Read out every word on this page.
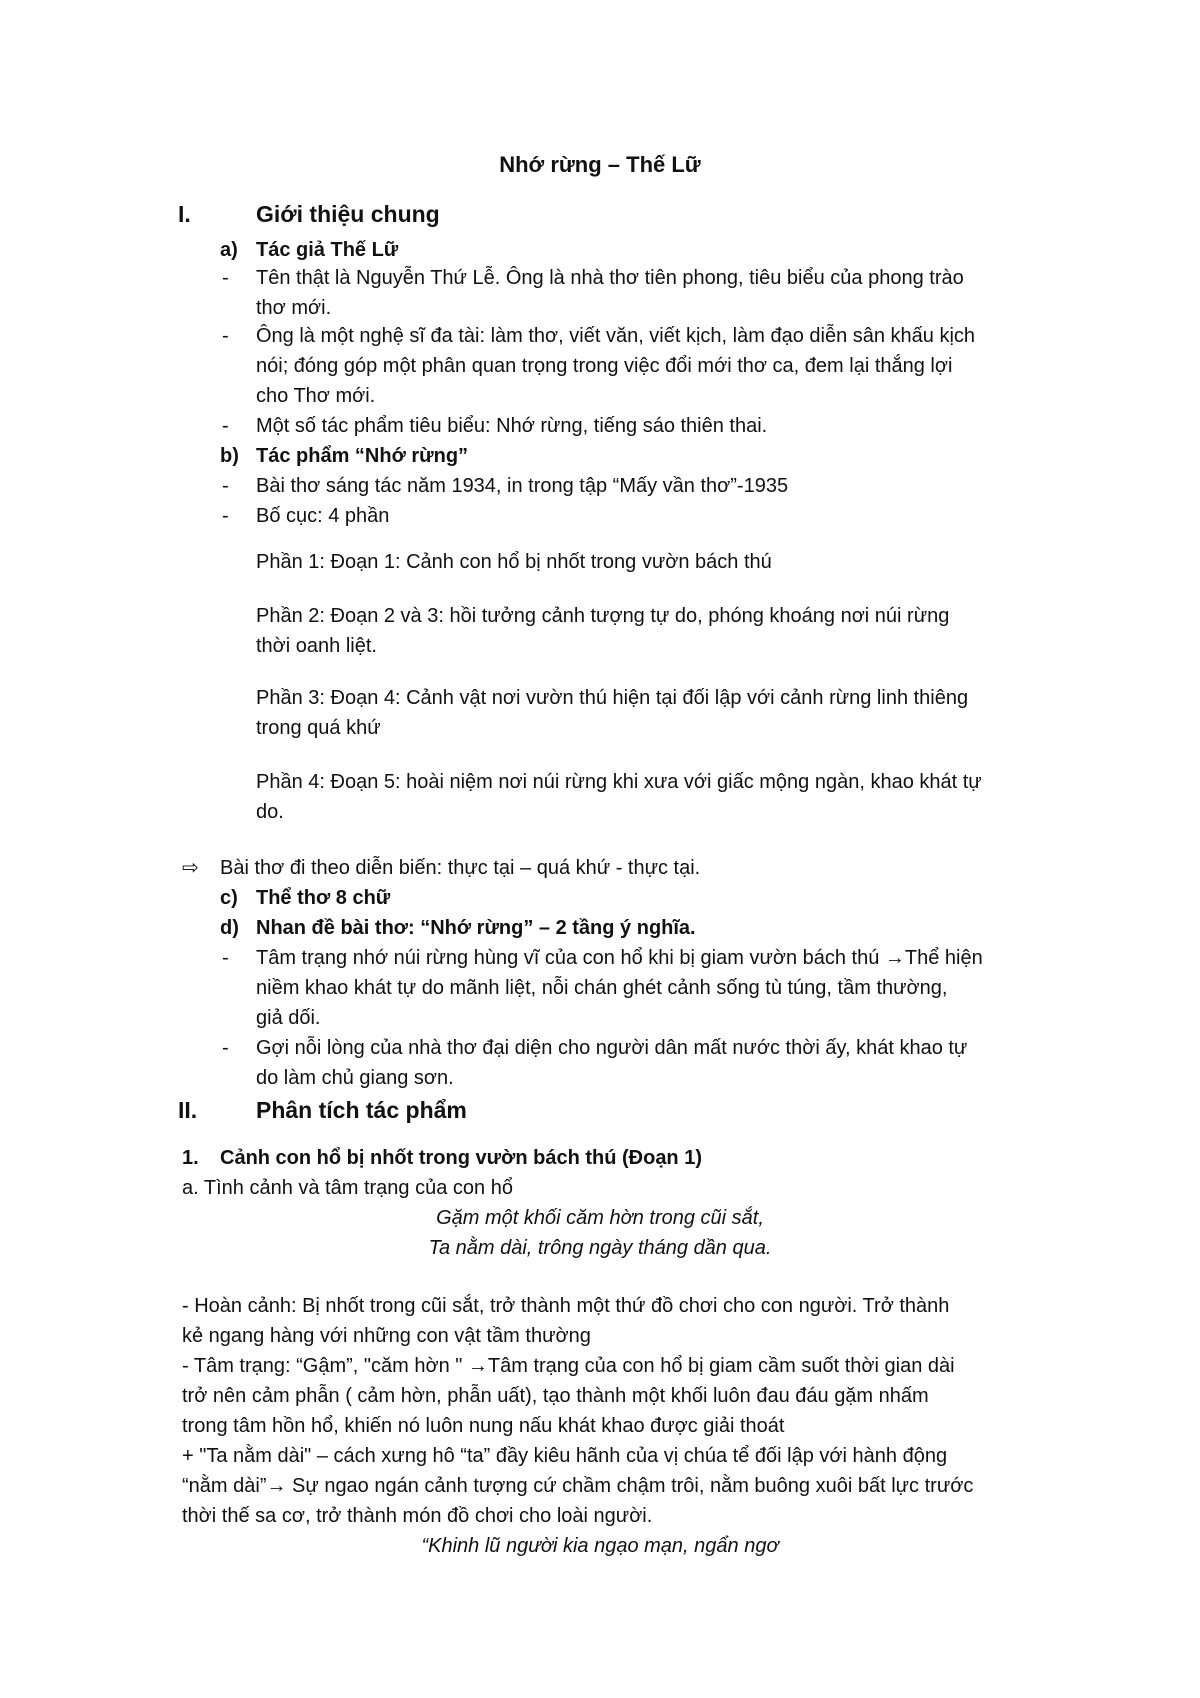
Nhớ rừng – Thế Lữ
I.	Giới thiệu chung
a) Tác giả Thế Lữ
- Tên thật là Nguyễn Thứ Lễ. Ông là nhà thơ tiên phong, tiêu biểu của phong trào
thơ mới.
- Ông là một nghệ sĩ đa tài: làm thơ, viết văn, viết kịch, làm đạo diễn sân khấu kịch
nói; đóng góp một phân quan trọng trong việc đổi mới thơ ca, đem lại thắng lợi
cho Thơ mới.
- Một số tác phẩm tiêu biểu: Nhớ rừng, tiếng sáo thiên thai.
b) Tác phẩm “Nhớ rừng”
- Bài thơ sáng tác năm 1934, in trong tập “Mấy vần thơ”-1935
- Bố cục: 4 phần
Phần 1: Đoạn 1: Cảnh con hổ bị nhốt trong vườn bách thú
Phần 2: Đoạn 2 và 3: hồi tưởng cảnh tượng tự do, phóng khoáng nơi núi rừng
thời oanh liệt.
Phần 3: Đoạn 4: Cảnh vật nơi vườn thú hiện tại đối lập với cảnh rừng linh thiêng
trong quá khứ
Phần 4: Đoạn 5: hoài niệm nơi núi rừng khi xưa với giấc mộng ngàn, khao khát tự
do.
⇨ Bài thơ đi theo diễn biến: thực tại – quá khứ - thực tại.
c) Thể thơ 8 chữ
d) Nhan đề bài thơ: “Nhớ rừng” – 2 tầng ý nghĩa.
- Tâm trạng nhớ núi rừng hùng vĩ của con hổ khi bị giam vườn bách thú →Thể hiện
niềm khao khát tự do mãnh liệt, nỗi chán ghét cảnh sống tù túng, tầm thường,
giả dối.
- Gợi nỗi lòng của nhà thơ đại diện cho người dân mất nước thời ấy, khát khao tự
do làm chủ giang sơn.
II.	Phân tích tác phẩm
1. Cảnh con hổ bị nhốt trong vườn bách thú (Đoạn 1)
a. Tình cảnh và tâm trạng của con hổ
Gặm một khối căm hờn trong cũi sắt,
Ta nằm dài, trông ngày tháng dần qua.
- Hoàn cảnh: Bị nhốt trong cũi sắt, trở thành một thứ đồ chơi cho con người. Trở thành
kẻ ngang hàng với những con vật tầm thường
- Tâm trạng: “Gậm”, "căm hờn " →Tâm trạng của con hổ bị giam cầm suốt thời gian dài
trở nên cảm phẫn ( cảm hờn, phẫn uất), tạo thành một khối luôn đau đáu gặm nhấm
trong tâm hồn hổ, khiến nó luôn nung nấu khát khao được giải thoát
+ "Ta nằm dài" – cách xưng hô “ta” đầy kiêu hãnh của vị chúa tể đối lập với hành động
“nằm dài”→ Sự ngao ngán cảnh tượng cứ chầm chậm trôi, nằm buông xuôi bất lực trước
thời thế sa cơ, trở thành món đồ chơi cho loài người.
“Khinh lũ người kia ngạo mạn, ngẩn ngơ
